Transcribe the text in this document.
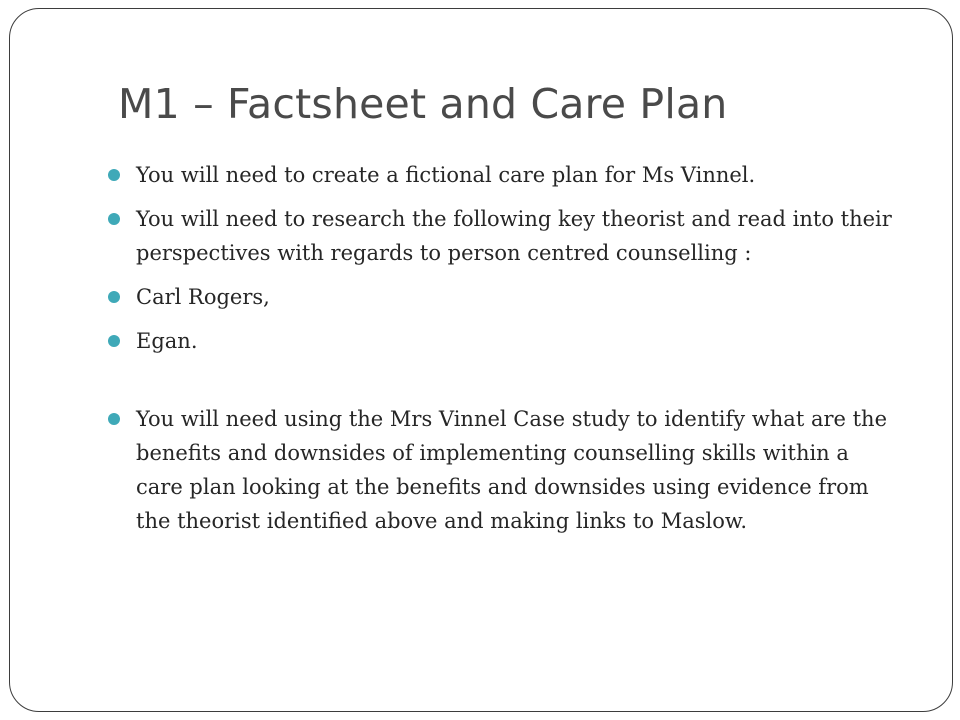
M1 – Factsheet and Care Plan
You will need to create a fictional care plan for Ms Vinnel.
You will need to research the following key theorist and read into their perspectives with regards to person centred counselling :
Carl Rogers,
Egan.
You will need using the Mrs Vinnel Case study to identify what are the benefits and downsides of implementing counselling skills within a care plan looking at the benefits and downsides using evidence from the theorist identified above and making links to Maslow.
